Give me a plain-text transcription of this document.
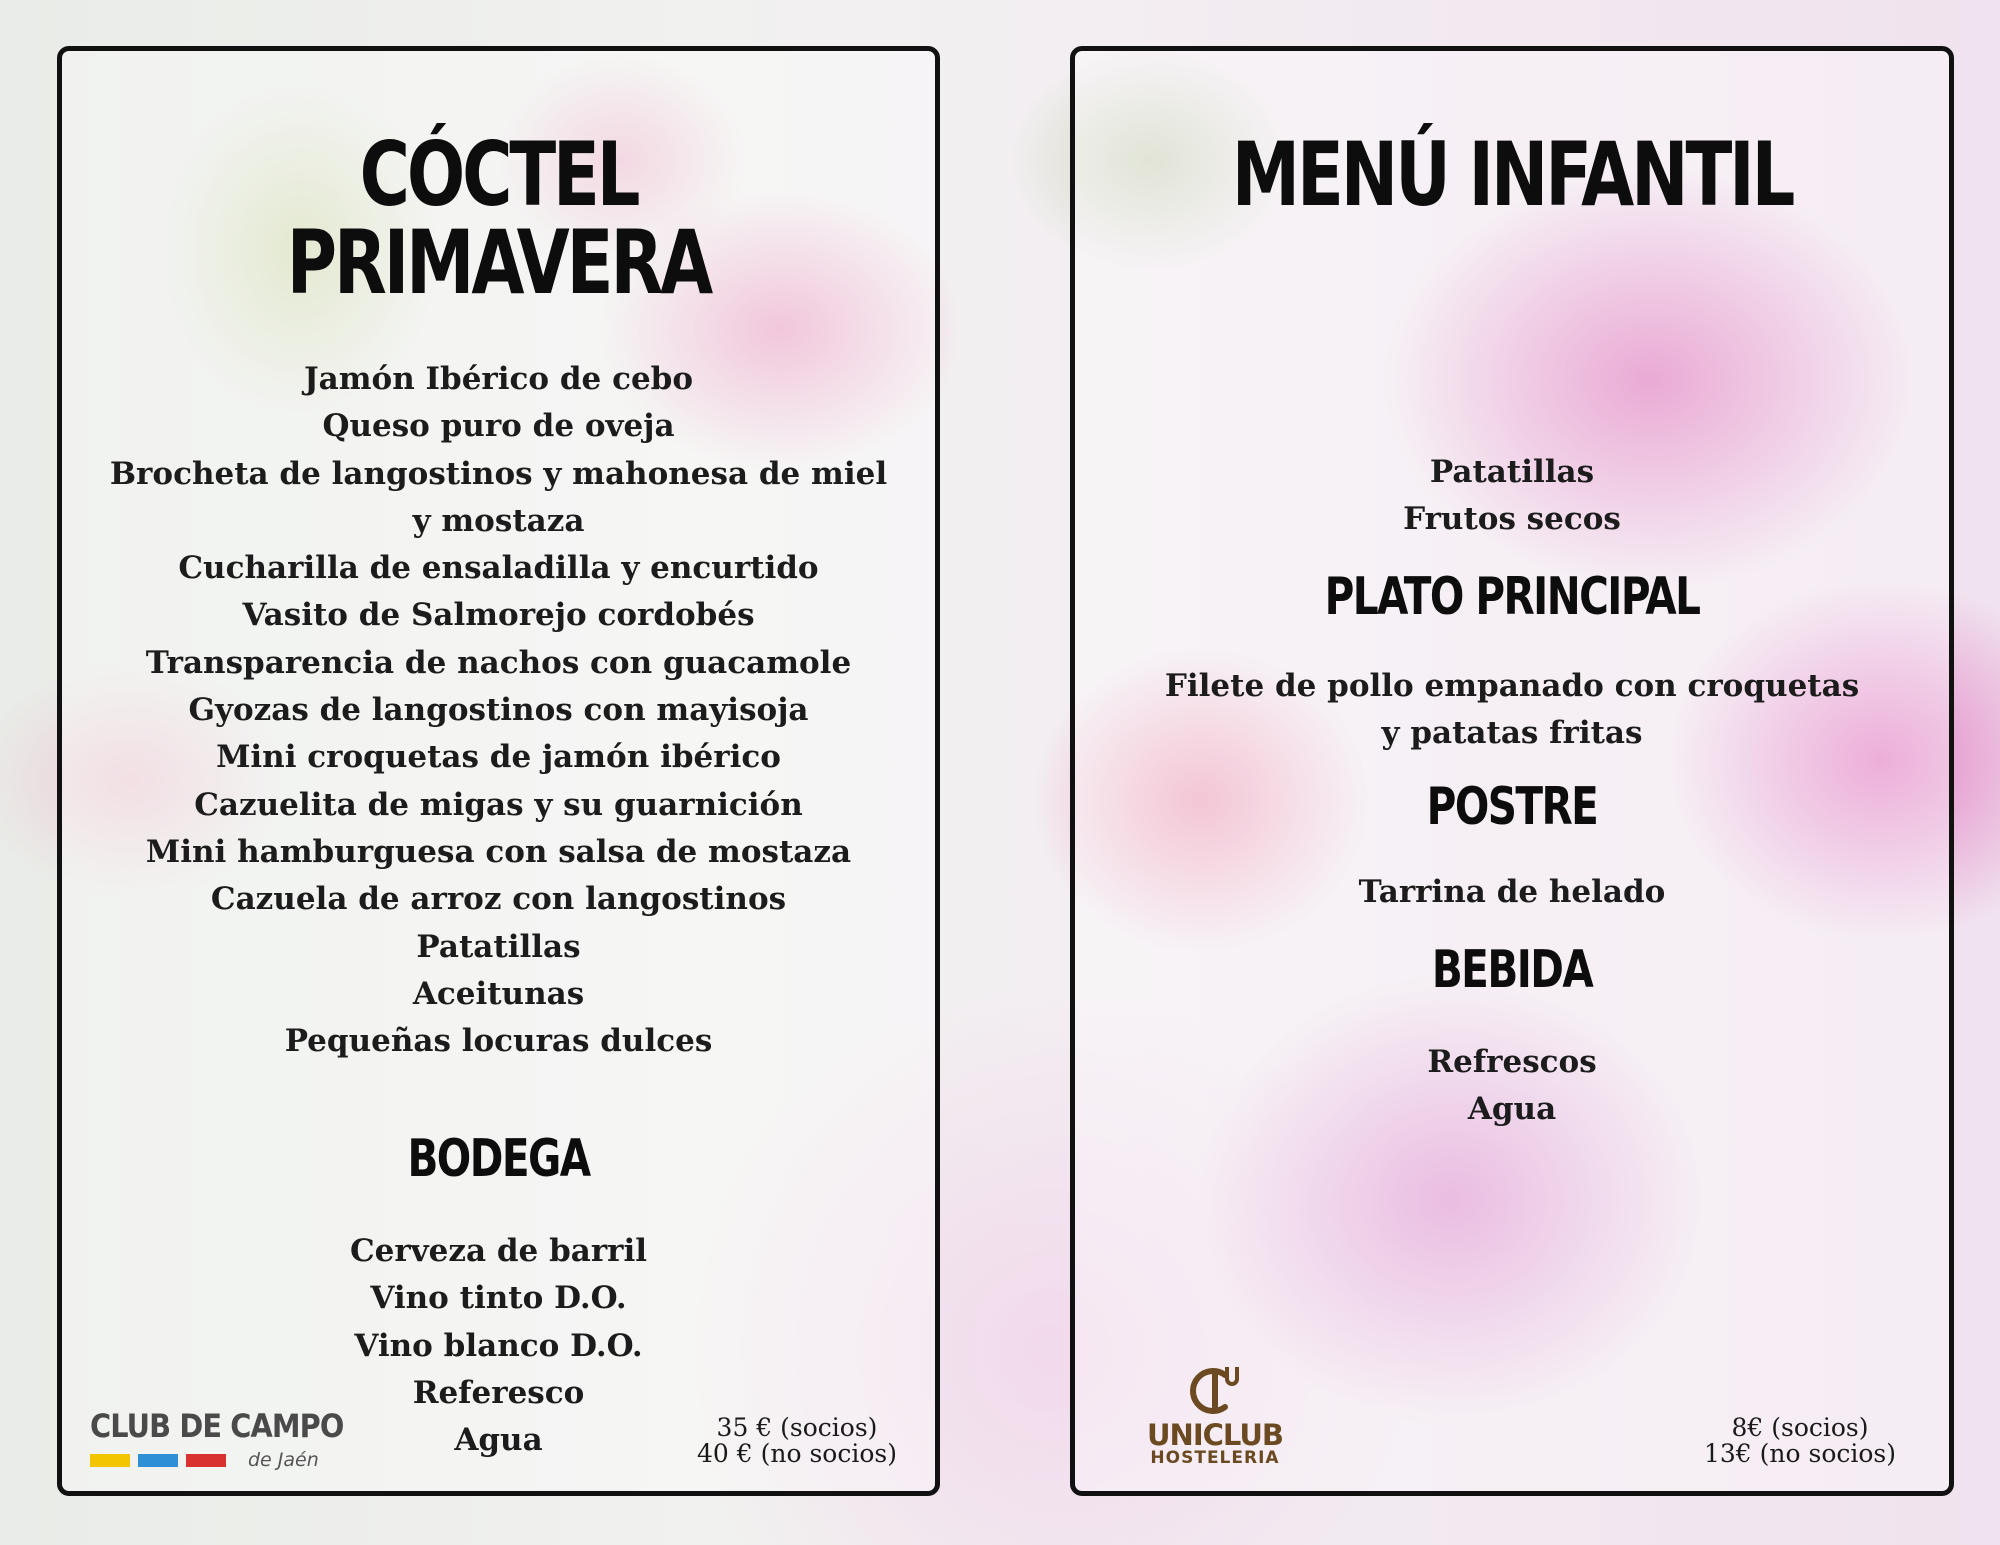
CÓCTEL PRIMAVERA
Jamón Ibérico de cebo
Queso puro de oveja
Brocheta de langostinos y mahonesa de miel
y mostaza
Cucharilla de ensaladilla y encurtido
Vasito de Salmorejo cordobés
Transparencia de nachos con guacamole
Gyozas de langostinos con mayisoja
Mini croquetas de jamón ibérico
Cazuelita de migas y su guarnición
Mini hamburguesa con salsa de mostaza
Cazuela de arroz con langostinos
Patatillas
Aceitunas
Pequeñas locuras dulces
BODEGA
Cerveza de barril
Vino tinto D.O.
Vino blanco D.O.
Referesco
Agua
CLUB DE CAMPO
de Jaén
35 € (socios)
40 € (no socios)
MENÚ INFANTIL
Patatillas
Frutos secos
PLATO PRINCIPAL
Filete de pollo empanado con croquetas
y patatas fritas
POSTRE
Tarrina de helado
BEBIDA
Refrescos
Agua
UNICLUB
HOSTELERIA
8€ (socios)
13€ (no socios)
